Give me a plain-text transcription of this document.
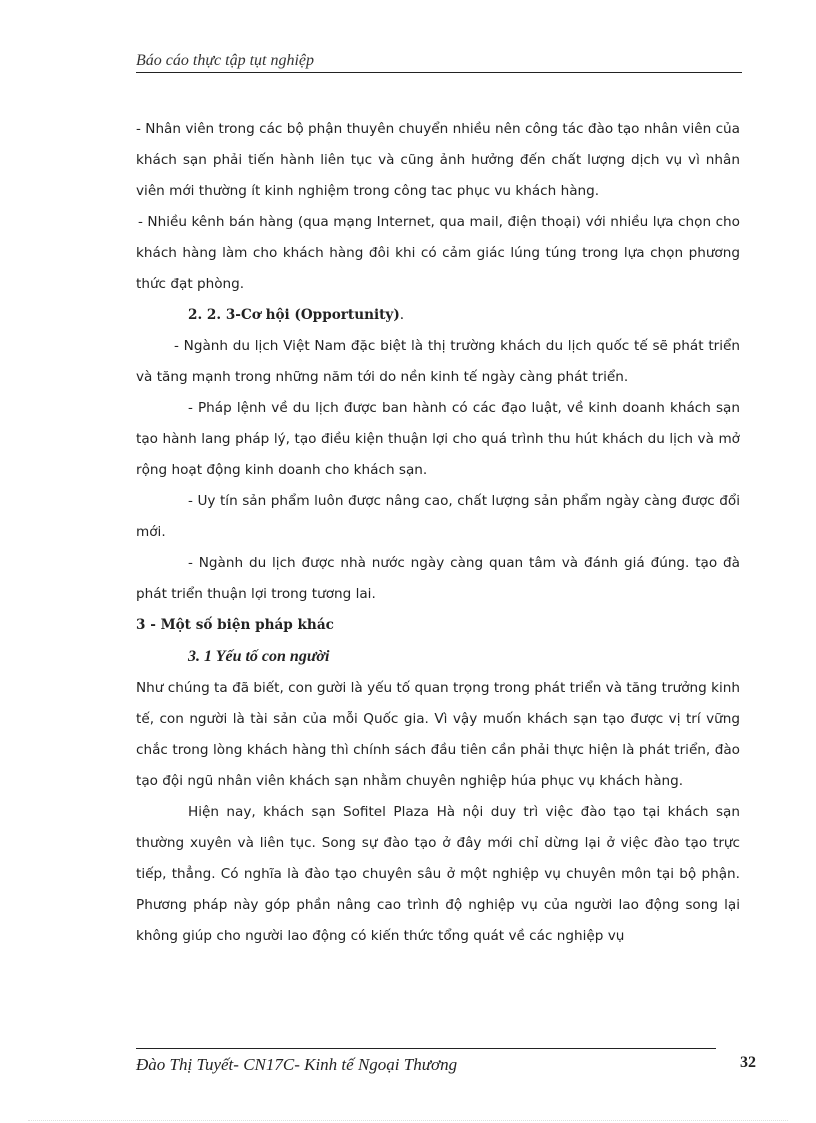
Báo cáo thực tập tụt nghiệp

- Nhân viên trong các bộ phận thuyên chuyển nhiều nên công tác đào tạo nhân viên của khách sạn phải tiến hành liên tục và cũng ảnh hưởng đến chất lượng dịch vụ vì nhân viên mới thường ít kinh nghiệm trong công tac phục vu khách hàng.

- Nhiều kênh bán hàng (qua mạng Internet, qua mail, điện thoại) với nhiều lựa chọn cho khách hàng làm cho khách hàng đôi khi có cảm giác lúng túng trong lựa chọn phương thức đạt phòng.

2. 2. 3-Cơ hội (Opportunity).

- Ngành du lịch Việt Nam đặc biệt là thị trường khách du lịch quốc tế sẽ phát triển và tăng mạnh trong những năm tới do nền kinh tế ngày càng phát triển.

- Pháp lệnh về du lịch được ban hành có các đạo luật, về kinh doanh khách sạn tạo hành lang pháp lý, tạo điều kiện thuận lợi cho quá trình thu hút khách du lịch và mở rộng hoạt động kinh doanh cho khách sạn.

- Uy tín sản phẩm luôn được nâng cao, chất lượng sản phẩm ngày càng được đổi mới.

- Ngành du lịch được nhà nước ngày càng quan tâm và đánh giá đúng. tạo đà phát triển thuận lợi trong tương lai.

3 - Một số biện pháp khác

3. 1 Yếu tố con người

Như chúng ta đã biết, con gười là yếu tố quan trọng trong phát triển và tăng trưởng kinh tế, con người là tài sản của mỗi Quốc gia. Vì vậy muốn khách sạn tạo được vị trí vững chắc trong lòng khách hàng thì chính sách đầu tiên cần phải thực hiện là phát triển, đào tạo đội ngũ nhân viên khách sạn nhằm chuyên nghiệp húa phục vụ khách hàng.

Hiện nay, khách sạn Sofitel Plaza Hà nội duy trì việc đào tạo tại khách sạn thường xuyên và liên tục. Song sự đào tạo ở đây mới chỉ dừng lại ở việc đào tạo trực tiếp, thẳng. Có nghĩa là đào tạo chuyên sâu ở một nghiệp vụ chuyên môn tại bộ phận. Phương pháp này góp phần nâng cao trình độ nghiệp vụ của người lao động song lại không giúp cho người lao động có kiến thức tổng quát về các nghiệp vụ

Đào Thị Tuyết- CN17C- Kinh tế Ngoại Thương	32
